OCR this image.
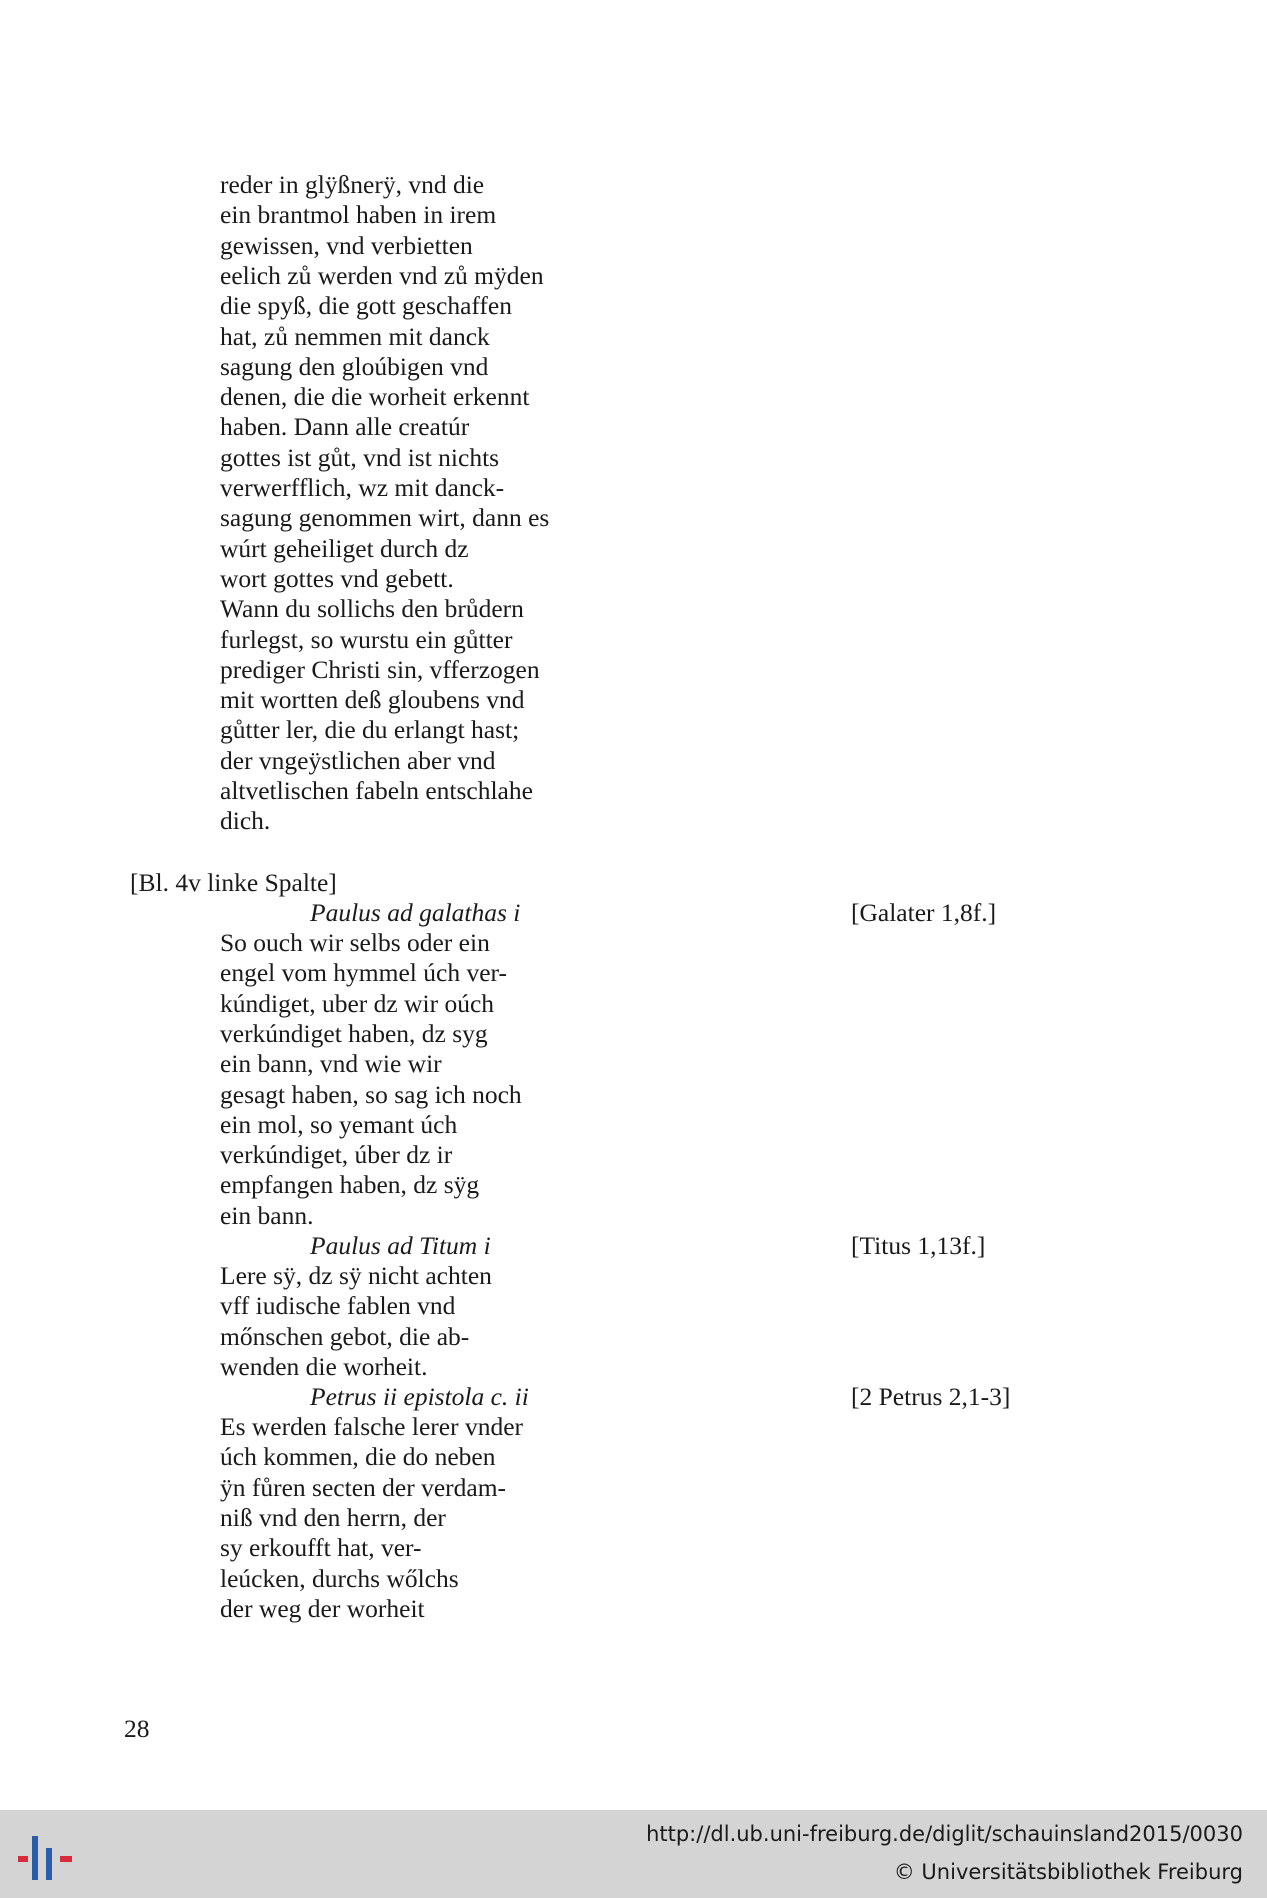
reder in glÿßnerÿ, vnd die
ein brantmol haben in irem
gewissen, vnd verbietten
eelich zů werden vnd zů mÿden
die spyß, die gott geschaffen
hat, zů nemmen mit danck
sagung den gloúbigen vnd
denen, die die worheit erkennt
haben. Dann alle creatúr
gottes ist gůt, vnd ist nichts
verwerfflich, wz mit danck-
sagung genommen wirt, dann es
wúrt geheiliget durch dz
wort gottes vnd gebett.
Wann du sollichs den brůdern
furlegst, so wurstu ein gůtter
prediger Christi sin, vfferzogen
mit wortten deß gloubens vnd
gůtter ler, die du erlangt hast;
der vngeÿstlichen aber vnd
altvetlischen fabeln entschlahe
dich.
[Bl. 4v linke Spalte]
Paulus ad galathas i	[Galater 1,8f.]
So ouch wir selbs oder ein
engel vom hymmel úch ver-
kúndiget, uber dz wir oúch
verkúndiget haben, dz syg
ein bann, vnd wie wir
gesagt haben, so sag ich noch
ein mol, so yemant úch
verkúndiget, úber dz ir
empfangen haben, dz sÿg
ein bann.
Paulus ad Titum i	[Titus 1,13f.]
Lere sÿ, dz sÿ nicht achten
vff iudische fablen vnd
mőnschen gebot, die ab-
wenden die worheit.
Petrus ii epistola c. ii	[2 Petrus 2,1-3]
Es werden falsche lerer vnder
úch kommen, die do neben
ÿn fůren secten der verdam-
niß vnd den herrn, der
sy erkoufft hat, ver-
leúcken, durchs wőlchs
der weg der worheit
28
http://dl.ub.uni-freiburg.de/diglit/schauinsland2015/0030
© Universitätsbibliothek Freiburg
